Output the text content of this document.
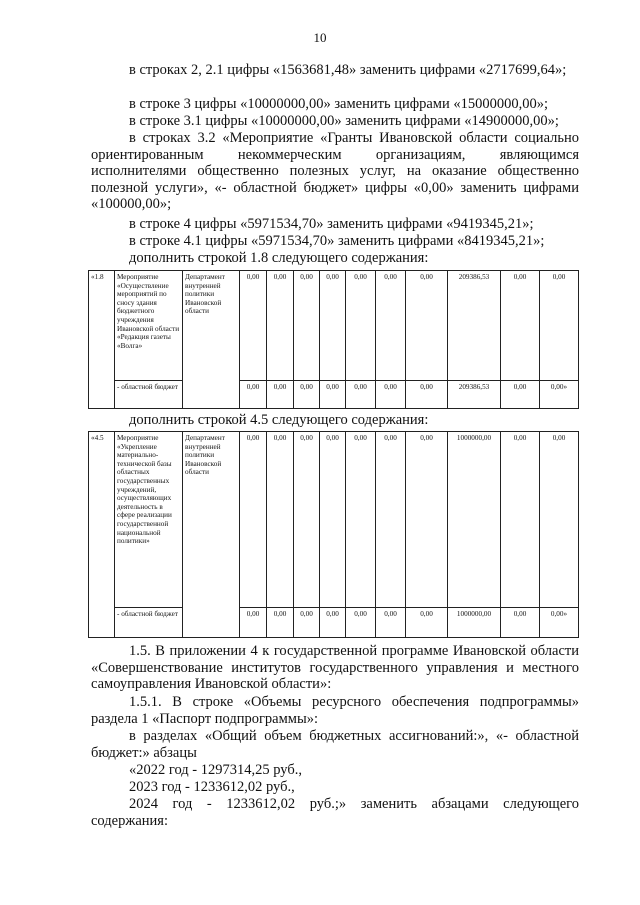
10
в строках 2, 2.1 цифры «1563681,48» заменить цифрами «2717699,64»;
в строке 3 цифры «10000000,00» заменить цифрами «15000000,00»;
в строке 3.1 цифры «10000000,00» заменить цифрами «14900000,00»;
в строках 3.2 «Мероприятие «Гранты Ивановской области социально ориентированным некоммерческим организациям, являющимся исполнителями общественно полезных услуг, на оказание общественно полезной услуги», «- областной бюджет» цифры «0,00» заменить цифрами «100000,00»;
в строке 4 цифры «5971534,70» заменить цифрами «9419345,21»;
в строке 4.1 цифры «5971534,70» заменить цифрами «8419345,21»;
дополнить строкой 1.8 следующего содержания:
«1.8	Мероприятие «Осуществление мероприятий по сносу здания бюджетного учреждения Ивановской области «Редакция газеты «Волга»	Департамент внутренней политики Ивановской области	0,00	0,00	0,00	0,00	0,00	0,00	0,00	209386,53	0,00	0,00
	- областной бюджет		0,00	0,00	0,00	0,00	0,00	0,00	0,00	209386,53	0,00	0,00»
дополнить строкой 4.5 следующего содержания:
«4.5	Мероприятие «Укрепление материально-технической базы областных государственных учреждений, осуществляющих деятельность в сфере реализации государственной национальной политики»	Департамент внутренней политики Ивановской области	0,00	0,00	0,00	0,00	0,00	0,00	0,00	1000000,00	0,00	0,00
	- областной бюджет		0,00	0,00	0,00	0,00	0,00	0,00	0,00	1000000,00	0,00	0,00»
1.5. В приложении 4 к государственной программе Ивановской области «Совершенствование институтов государственного управления и местного самоуправления Ивановской области»:
1.5.1. В строке «Объемы ресурсного обеспечения подпрограммы» раздела 1 «Паспорт подпрограммы»:
в разделах «Общий объем бюджетных ассигнований:», «- областной бюджет:» абзацы
«2022 год - 1297314,25 руб.,
2023 год - 1233612,02 руб.,
2024 год - 1233612,02 руб.;» заменить абзацами следующего содержания:
